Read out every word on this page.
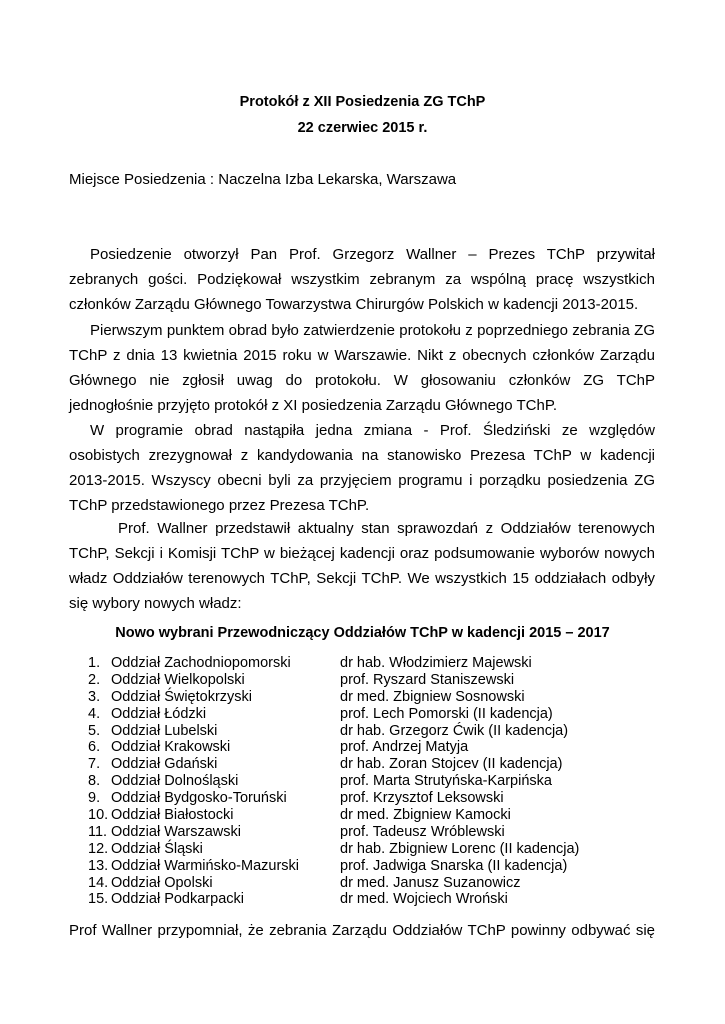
Protokół z XII Posiedzenia ZG TChP

22 czerwiec 2015 r.

Miejsce Posiedzenia : Naczelna Izba Lekarska, Warszawa

Posiedzenie otworzył Pan Prof. Grzegorz Wallner – Prezes TChP przywitał zebranych gości. Podziękował wszystkim zebranym za wspólną pracę wszystkich członków Zarządu Głównego Towarzystwa Chirurgów Polskich w kadencji 2013-2015.

Pierwszym punktem obrad było zatwierdzenie protokołu z poprzedniego zebrania ZG TChP z dnia 13 kwietnia 2015 roku w Warszawie. Nikt z obecnych członków Zarządu Głównego nie zgłosił uwag do protokołu. W głosowaniu członków ZG TChP jednogłośnie przyjęto protokół z XI posiedzenia Zarządu Głównego TChP.

W programie obrad nastąpiła jedna zmiana - Prof. Śledziński ze względów osobistych zrezygnował z kandydowania na stanowisko Prezesa TChP w kadencji 2013-2015. Wszyscy obecni byli za przyjęciem programu i porządku posiedzenia ZG TChP przedstawionego przez Prezesa TChP.

Prof. Wallner przedstawił aktualny stan sprawozdań z Oddziałów terenowych TChP, Sekcji i Komisji TChP w bieżącej kadencji oraz podsumowanie wyborów nowych władz Oddziałów terenowych TChP, Sekcji TChP. We wszystkich 15 oddziałach odbyły się wybory nowych władz:

Nowo wybrani Przewodniczący Oddziałów TChP w kadencji 2015 – 2017

1. Oddział Zachodniopomorski	dr hab. Włodzimierz Majewski
2. Oddział Wielkopolski	prof. Ryszard Staniszewski
3. Oddział Świętokrzyski	dr med. Zbigniew Sosnowski
4. Oddział Łódzki	prof. Lech Pomorski (II kadencja)
5. Oddział Lubelski	dr hab. Grzegorz Ćwik (II kadencja)
6. Oddział Krakowski	prof. Andrzej Matyja
7. Oddział Gdański	dr hab. Zoran Stojcev (II kadencja)
8. Oddział Dolnośląski	prof. Marta Strutyńska-Karpińska
9. Oddział Bydgosko-Toruński	prof. Krzysztof Leksowski
10. Oddział Białostocki	dr med. Zbigniew Kamocki
11. Oddział Warszawski	prof. Tadeusz Wróblewski
12. Oddział Śląski	dr hab. Zbigniew Lorenc (II kadencja)
13. Oddział Warmińsko-Mazurski	prof. Jadwiga Snarska (II kadencja)
14. Oddział Opolski	dr med. Janusz Suzanowicz
15. Oddział Podkarpacki	dr med. Wojciech Wroński

Prof Wallner przypomniał, że zebrania Zarządu Oddziałów TChP powinny odbywać się
